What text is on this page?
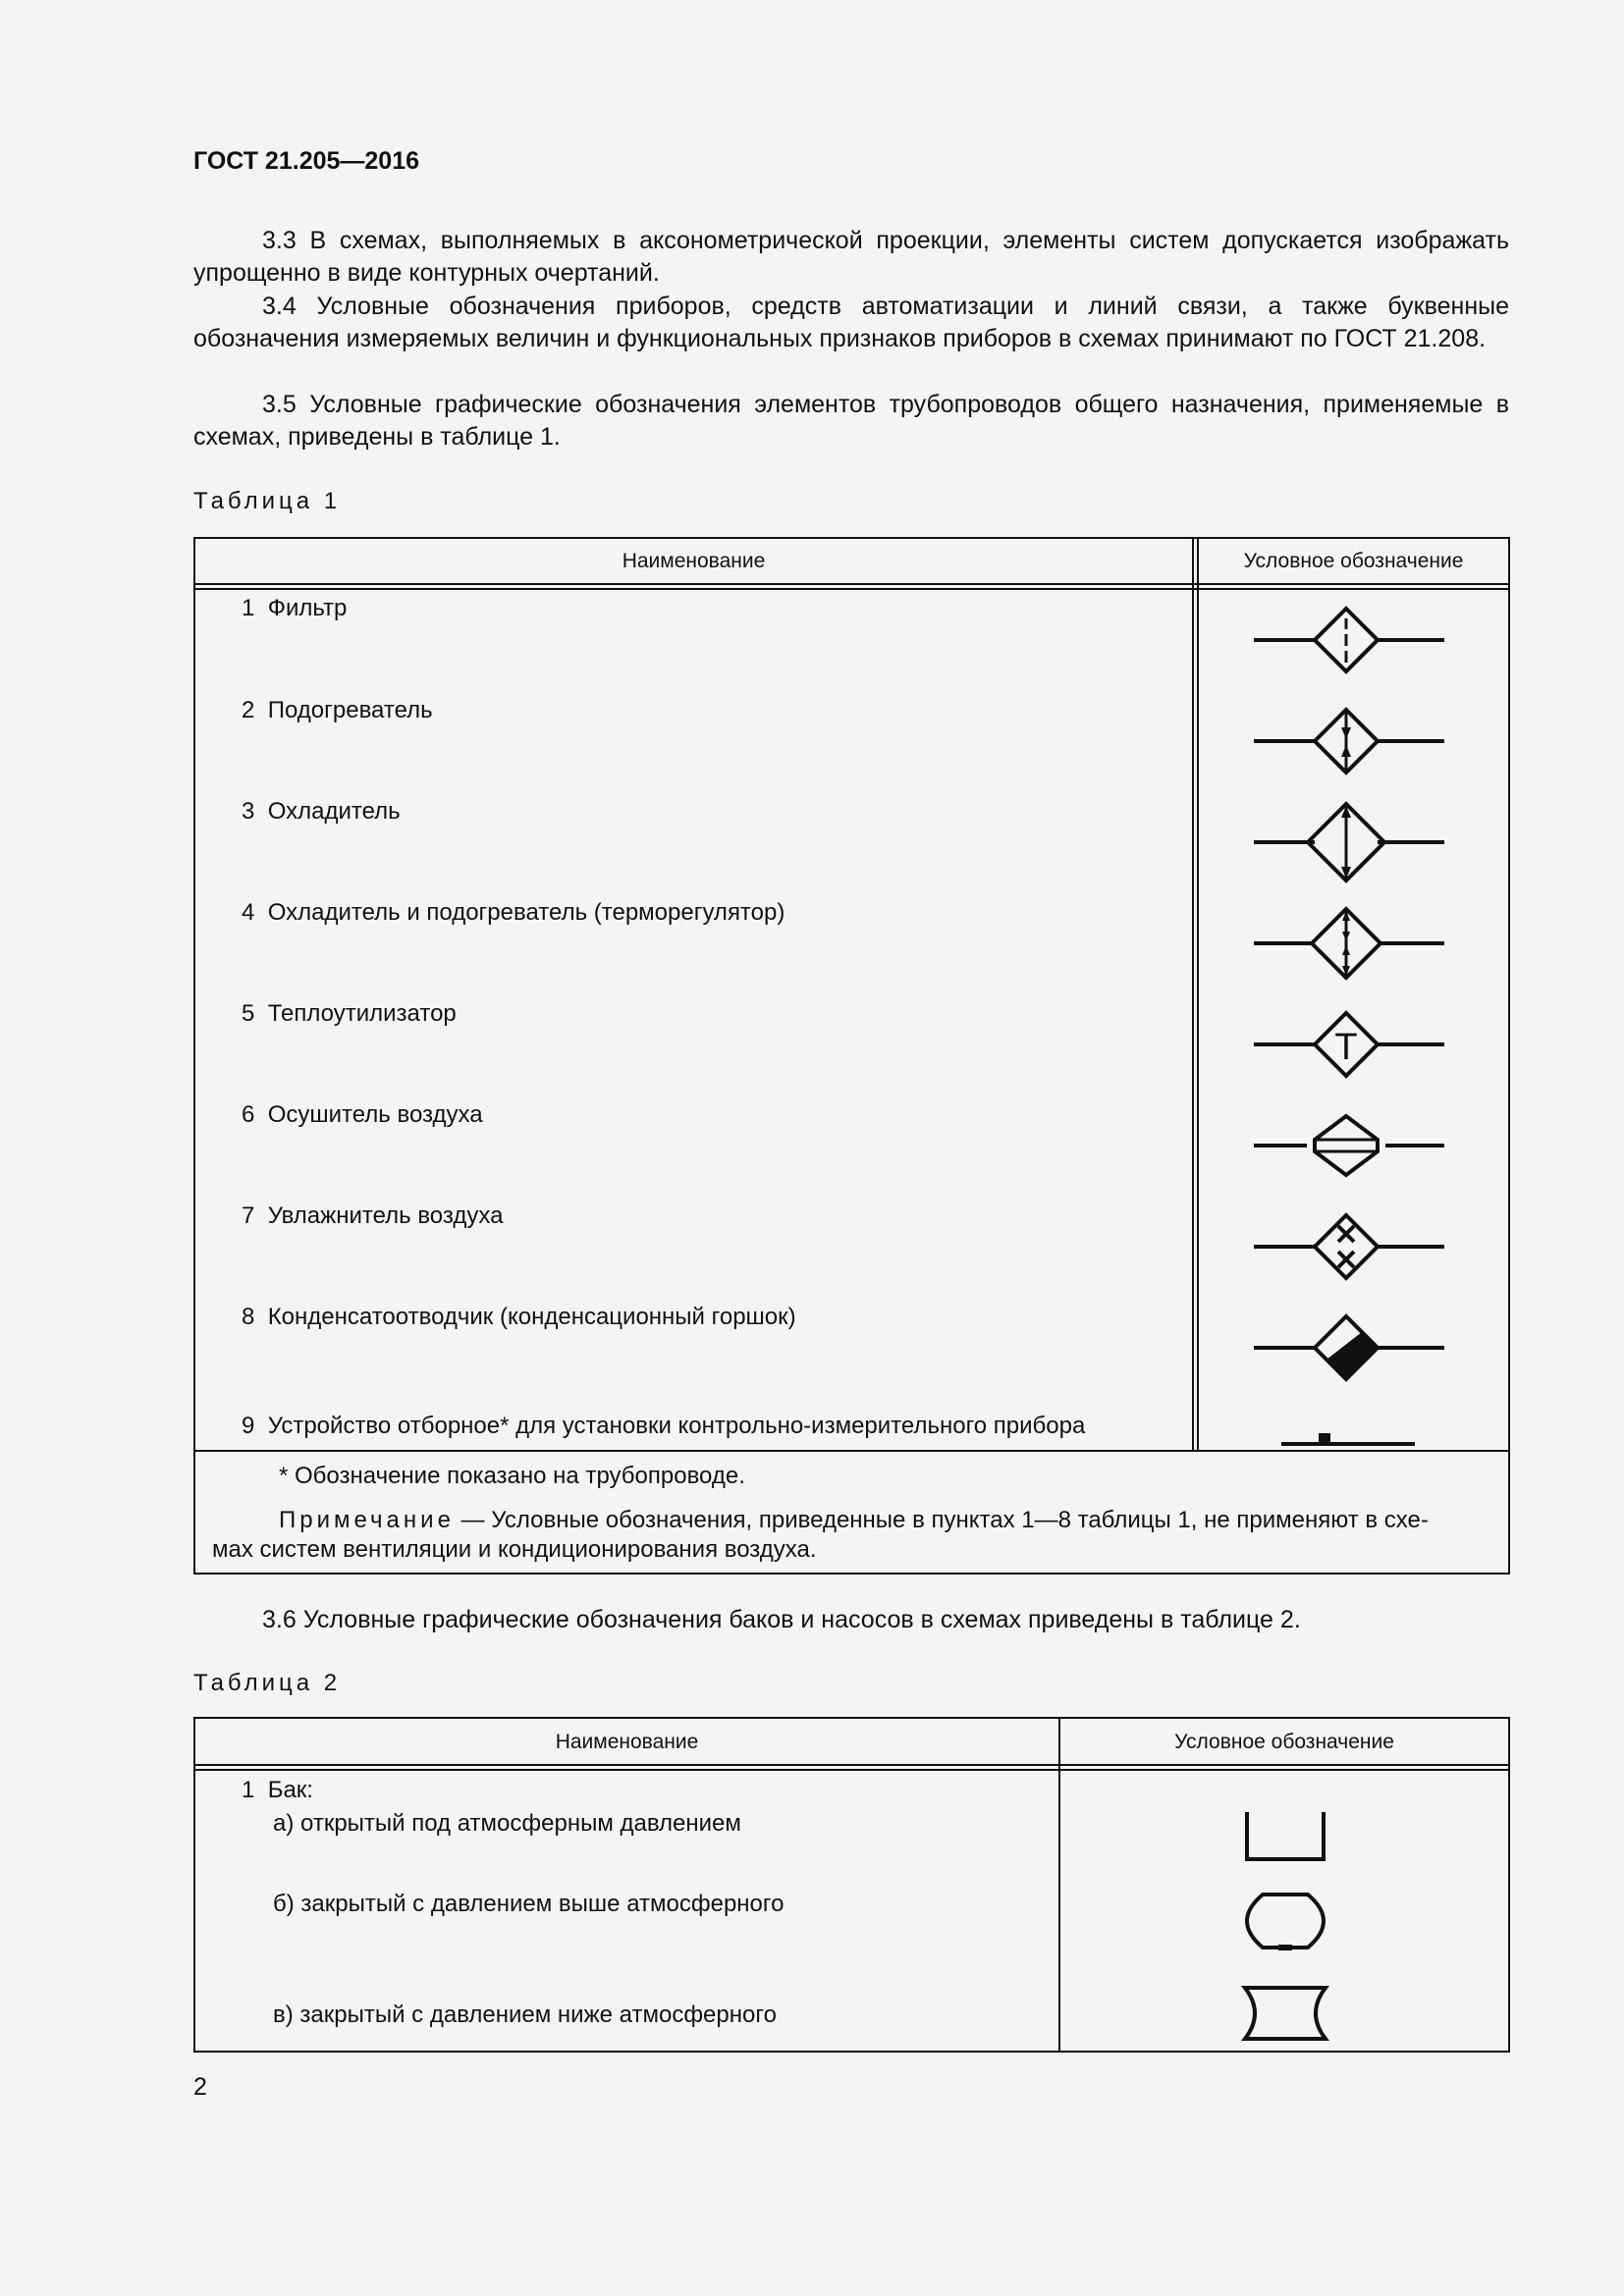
ГОСТ 21.205—2016
3.3 В схемах, выполняемых в аксонометрической проекции, элементы систем допускается изображать упрощенно в виде контурных очертаний.
3.4 Условные обозначения приборов, средств автоматизации и линий связи, а также буквенные обозначения измеряемых величин и функциональных признаков приборов в схемах принимают по ГОСТ 21.208.
3.5 Условные графические обозначения элементов трубопроводов общего назначения, применяемые в схемах, приведены в таблице 1.
Таблица 1
Наименование	Условное обозначение
1 Фильтр
2 Подогреватель
3 Охладитель
4 Охладитель и подогреватель (терморегулятор)
5 Теплоутилизатор
6 Осушитель воздуха
7 Увлажнитель воздуха
8 Конденсатоотводчик (конденсационный горшок)
9 Устройство отборное* для установки контрольно-измерительного прибора
Т
* Обозначение показано на трубопроводе.
Примечание — Условные обозначения, приведенные в пунктах 1—8 таблицы 1, не применяют в схе-
мах систем вентиляции и кондиционирования воздуха.
3.6 Условные графические обозначения баков и насосов в схемах приведены в таблице 2.
Таблица 2
Наименование	Условное обозначение
1 Бак:
а) открытый под атмосферным давлением
б) закрытый с давлением выше атмосферного
в) закрытый с давлением ниже атмосферного
2
